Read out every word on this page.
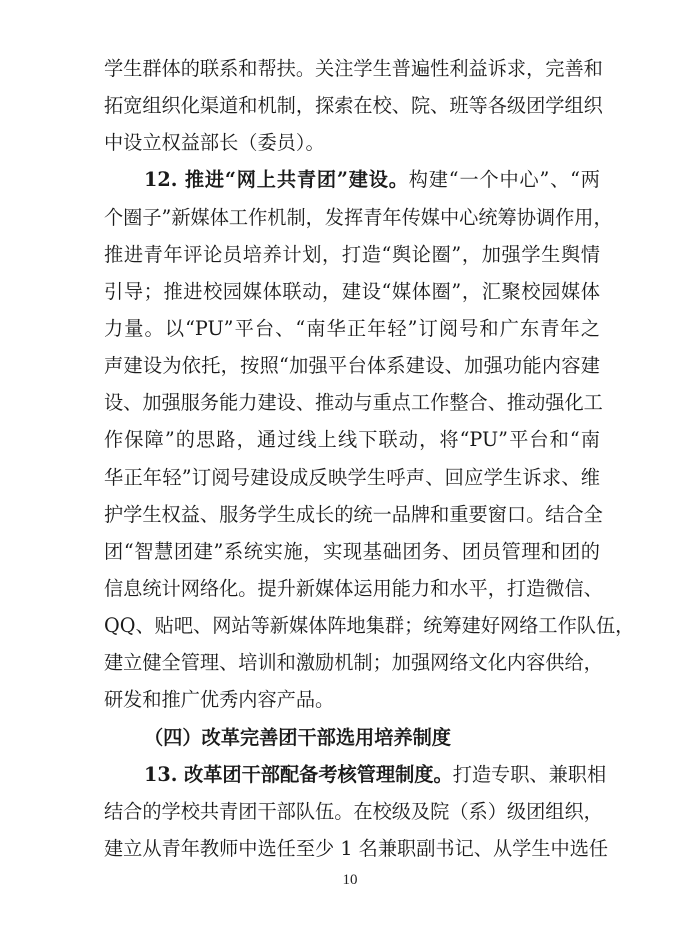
学生群体的联系和帮扶。关注学生普遍性利益诉求，完善和
拓宽组织化渠道和机制，探索在校、院、班等各级团学组织
中设立权益部长（委员）。
12. 推进“网上共青团”建设。构建“一个中心”、“两
个圈子”新媒体工作机制，发挥青年传媒中心统筹协调作用，
推进青年评论员培养计划，打造“舆论圈”，加强学生舆情
引导；推进校园媒体联动，建设“媒体圈”，汇聚校园媒体
力量。以“PU”平台、“南华正年轻”订阅号和广东青年之
声建设为依托，按照“加强平台体系建设、加强功能内容建
设、加强服务能力建设、推动与重点工作整合、推动强化工
作保障”的思路，通过线上线下联动，将“PU”平台和“南
华正年轻”订阅号建设成反映学生呼声、回应学生诉求、维
护学生权益、服务学生成长的统一品牌和重要窗口。结合全
团“智慧团建”系统实施，实现基础团务、团员管理和团的
信息统计网络化。提升新媒体运用能力和水平，打造微信、
QQ、贴吧、网站等新媒体阵地集群；统筹建好网络工作队伍，
建立健全管理、培训和激励机制；加强网络文化内容供给，
研发和推广优秀内容产品。
（四）改革完善团干部选用培养制度
13. 改革团干部配备考核管理制度。打造专职、兼职相
10
结合的学校共青团干部队伍。在校级及院（系）级团组织，
建立从青年教师中选任至少 1 名兼职副书记、从学生中选任
